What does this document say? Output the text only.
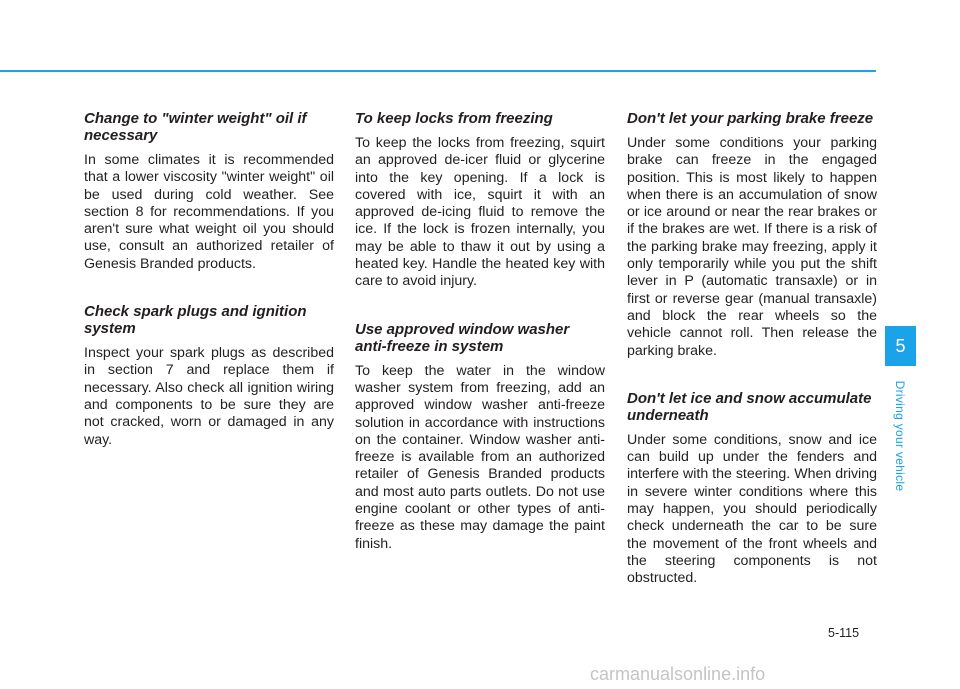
Change to "winter weight" oil if necessary

In some climates it is recommended that a lower viscosity "winter weight" oil be used during cold weather. See section 8 for recommendations. If you aren't sure what weight oil you should use, consult an authorized retailer of Genesis Branded products.

Check spark plugs and ignition system

Inspect your spark plugs as described in section 7 and replace them if necessary. Also check all ignition wiring and components to be sure they are not cracked, worn or damaged in any way.

To keep locks from freezing

To keep the locks from freezing, squirt an approved de-icer fluid or glycerine into the key opening. If a lock is covered with ice, squirt it with an approved de-icing fluid to remove the ice. If the lock is frozen internally, you may be able to thaw it out by using a heated key. Handle the heated key with care to avoid injury.

Use approved window washer anti-freeze in system

To keep the water in the window washer system from freezing, add an approved window washer anti-freeze solution in accordance with instructions on the container. Window washer anti-freeze is available from an authorized retailer of Genesis Branded products and most auto parts outlets. Do not use engine coolant or other types of anti-freeze as these may damage the paint finish.

Don't let your parking brake freeze

Under some conditions your parking brake can freeze in the engaged position. This is most likely to happen when there is an accumulation of snow or ice around or near the rear brakes or if the brakes are wet. If there is a risk of the parking brake may freezing, apply it only temporarily while you put the shift lever in P (automatic transaxle) or in first or reverse gear (manual transaxle) and block the rear wheels so the vehicle cannot roll. Then release the parking brake.

Don't let ice and snow accumulate underneath

Under some conditions, snow and ice can build up under the fenders and interfere with the steering. When driving in severe winter conditions where this may happen, you should periodically check underneath the car to be sure the movement of the front wheels and the steering components is not obstructed.

5
Driving your vehicle
5-115
carmanualsonline.info
